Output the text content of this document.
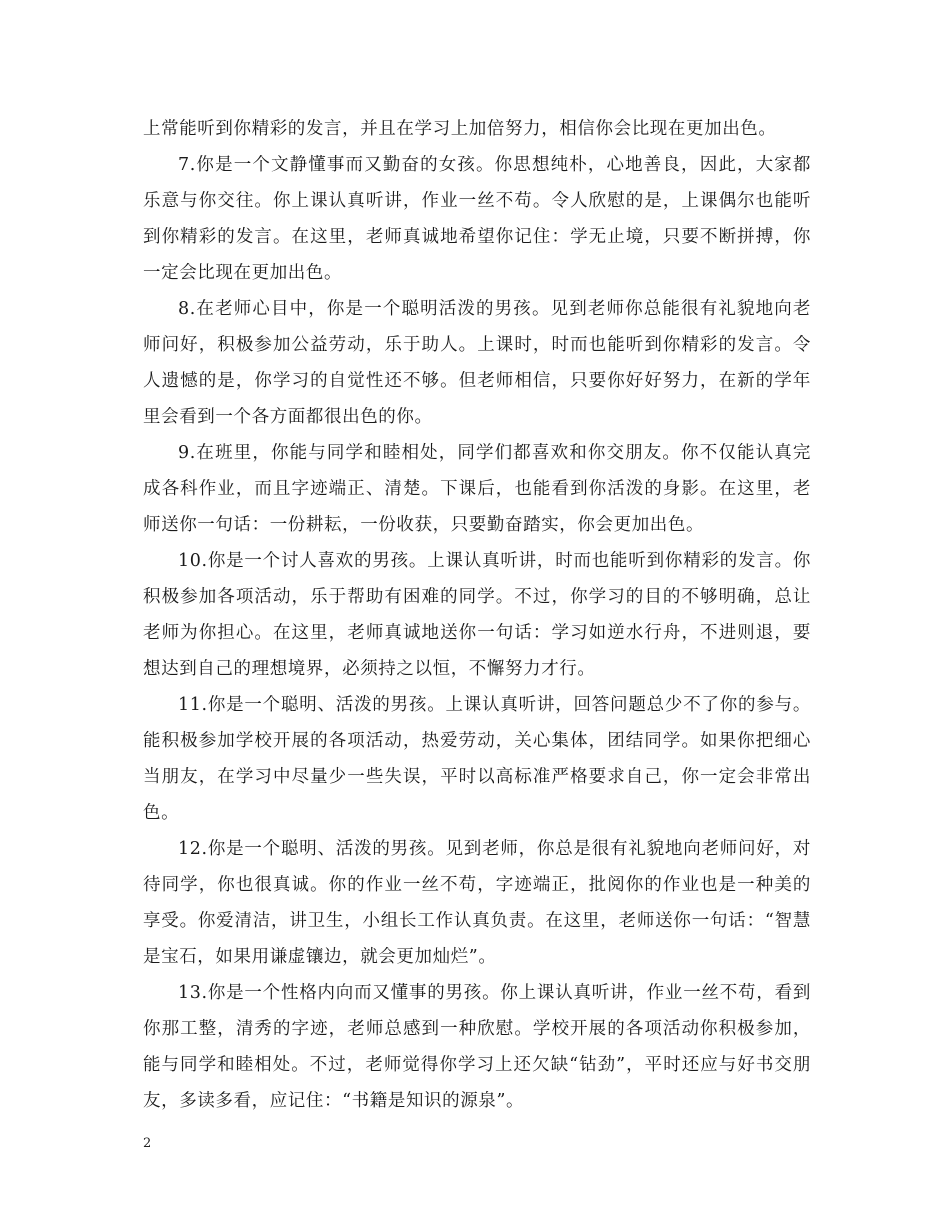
上常能听到你精彩的发言，并且在学习上加倍努力，相信你会比现在更加出色。

7.你是一个文静懂事而又勤奋的女孩。你思想纯朴，心地善良，因此，大家都乐意与你交往。你上课认真听讲，作业一丝不苟。令人欣慰的是，上课偶尔也能听到你精彩的发言。在这里，老师真诚地希望你记住：学无止境，只要不断拼搏，你一定会比现在更加出色。

8.在老师心目中，你是一个聪明活泼的男孩。见到老师你总能很有礼貌地向老师问好，积极参加公益劳动，乐于助人。上课时，时而也能听到你精彩的发言。令人遗憾的是，你学习的自觉性还不够。但老师相信，只要你好好努力，在新的学年里会看到一个各方面都很出色的你。

9.在班里，你能与同学和睦相处，同学们都喜欢和你交朋友。你不仅能认真完成各科作业，而且字迹端正、清楚。下课后，也能看到你活泼的身影。在这里，老师送你一句话：一份耕耘，一份收获，只要勤奋踏实，你会更加出色。

10.你是一个讨人喜欢的男孩。上课认真听讲，时而也能听到你精彩的发言。你积极参加各项活动，乐于帮助有困难的同学。不过，你学习的目的不够明确，总让老师为你担心。在这里，老师真诚地送你一句话：学习如逆水行舟，不进则退，要想达到自己的理想境界，必须持之以恒，不懈努力才行。

11.你是一个聪明、活泼的男孩。上课认真听讲，回答问题总少不了你的参与。能积极参加学校开展的各项活动，热爱劳动，关心集体，团结同学。如果你把细心当朋友，在学习中尽量少一些失误，平时以高标准严格要求自己，你一定会非常出色。

12.你是一个聪明、活泼的男孩。见到老师，你总是很有礼貌地向老师问好，对待同学，你也很真诚。你的作业一丝不苟，字迹端正，批阅你的作业也是一种美的享受。你爱清洁，讲卫生，小组长工作认真负责。在这里，老师送你一句话：“智慧是宝石，如果用谦虚镶边，就会更加灿烂”。

13.你是一个性格内向而又懂事的男孩。你上课认真听讲，作业一丝不苟，看到你那工整，清秀的字迹，老师总感到一种欣慰。学校开展的各项活动你积极参加，能与同学和睦相处。不过，老师觉得你学习上还欠缺“钻劲”，平时还应与好书交朋友，多读多看，应记住：“书籍是知识的源泉”。

2
